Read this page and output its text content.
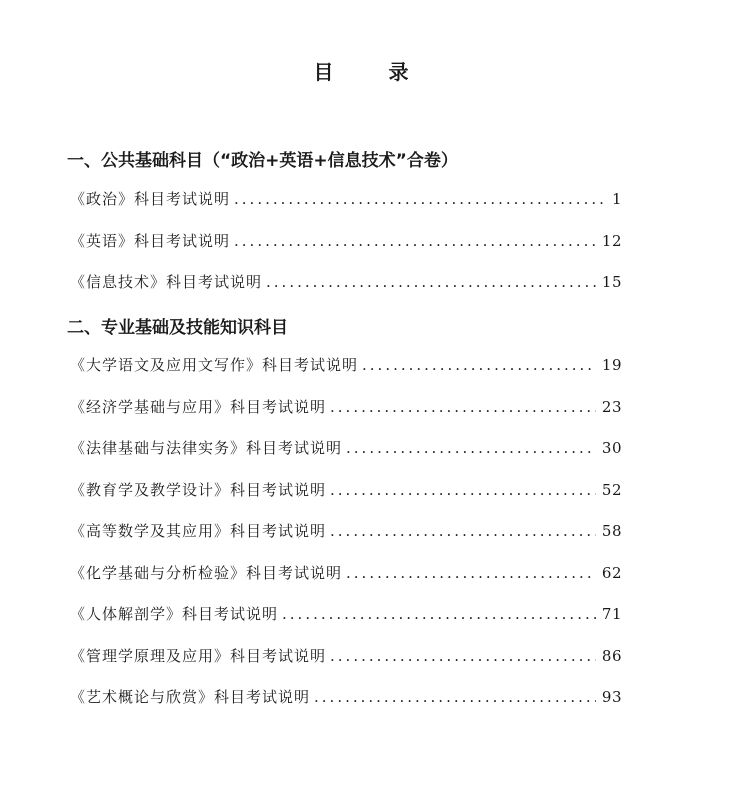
目 录
一、公共基础科目（“政治+英语+信息技术”合卷）
《政治》科目考试说明 .....	1
《英语》科目考试说明 .....	12
《信息技术》科目考试说明 .....	15
二、专业基础及技能知识科目
《大学语文及应用文写作》科目考试说明 .....	19
《经济学基础与应用》科目考试说明 .....	23
《法律基础与法律实务》科目考试说明 .....	30
《教育学及教学设计》科目考试说明 .....	52
《高等数学及其应用》科目考试说明 .....	58
《化学基础与分析检验》科目考试说明 .....	62
《人体解剖学》科目考试说明 .....	71
《管理学原理及应用》科目考试说明 .....	86
《艺术概论与欣赏》科目考试说明 .....	93
